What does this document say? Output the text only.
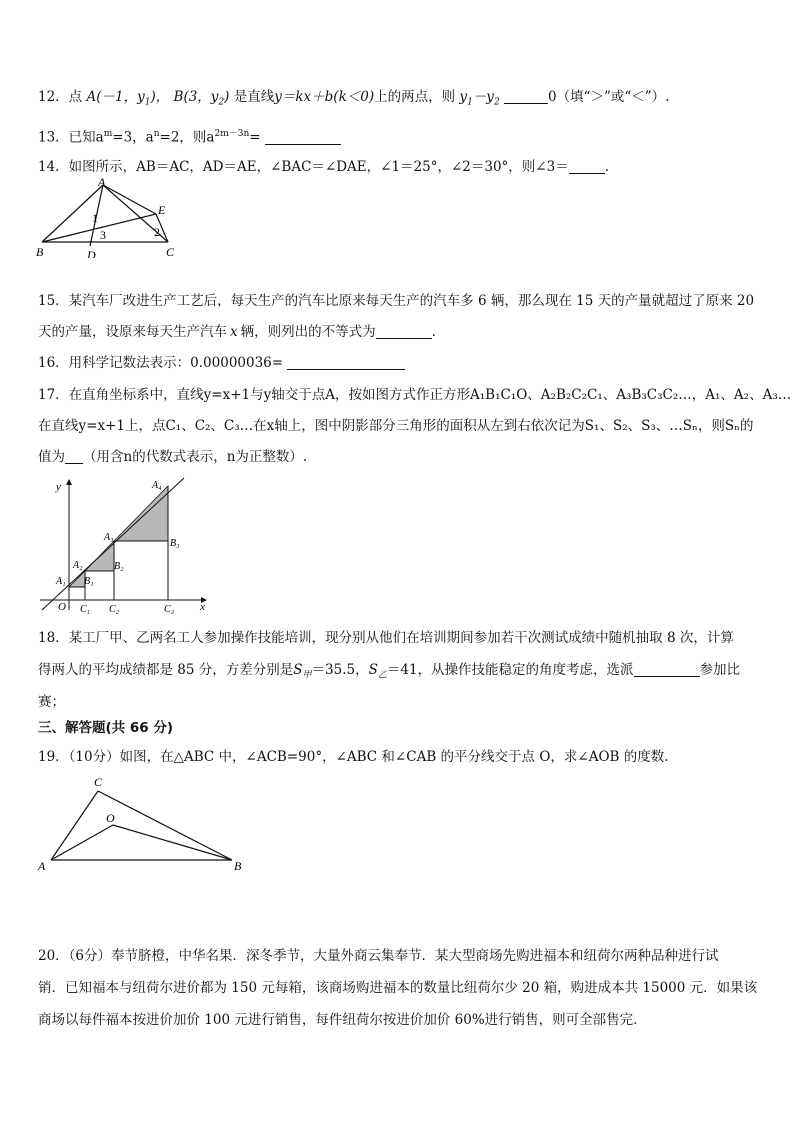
12．点 A(－1，$y_1$)， B(3，$y_2$) 是直线y＝kx＋b(k＜0)上的两点，则 $y_1-y_2$	0（填“＞”或“＜”）.
13．已知$a^m=3$，$a^n=2$，则$a^{2m-3n}=$
14．如图所示，AB＝AC，AD＝AE，∠BAC＝∠DAE，∠1＝25°，∠2＝30°，则∠3＝	.
A
B	C
D
E
1
2
3
15．某汽车厂改进生产工艺后，每天生产的汽车比原来每天生产的汽车多 6 辆，那么现在 15 天的产量就超过了原来 20
天的产量，设原来每天生产汽车 x 辆，则列出的不等式为	.
16．用科学记数法表示：0.00000036=
17．在直角坐标系中，直线y=x+1与y轴交于点A，按如图方式作正方形A₁B₁C₁O、A₂B₂C₂C₁、A₃B₃C₃C₂…，A₁、A₂、A₃…
在直线y=x+1上，点C₁、C₂、C₃…在x轴上，图中阴影部分三角形的面积从左到右依次记为S₁、S₂、S₃、…Sₙ，则Sₙ的
值为 （用含n的代数式表示，n为正整数）.
y
x
O
A₁
A₂
A₃
A₄
B₁
B₂
B₃
C₁ C₂	C₃
18．某工厂甲、乙两名工人参加操作技能培训，现分别从他们在培训期间参加若干次测试成绩中随机抽取 8 次，计算
得两人的平均成绩都是 85 分，方差分别是$S_甲=35.5$，$S_乙=41$，从操作技能稳定的角度考虑，选派	参加比
赛；
三、解答题(共 66 分)
19．（10分）如图，在△ABC 中，∠ACB=90°，∠ABC 和∠CAB 的平分线交于点 O，求∠AOB 的度数.
C
O
A	B
20．（6分）奉节脐橙，中华名果．深冬季节，大量外商云集奉节．某大型商场先购进福本和纽荷尔两种品种进行试
销．已知福本与纽荷尔进价都为 150 元每箱，该商场购进福本的数量比纽荷尔少 20 箱，购进成本共 15000 元．如果该
商场以每件福本按进价加价 100 元进行销售，每件纽荷尔按进价加价 60%进行销售，则可全部售完．
